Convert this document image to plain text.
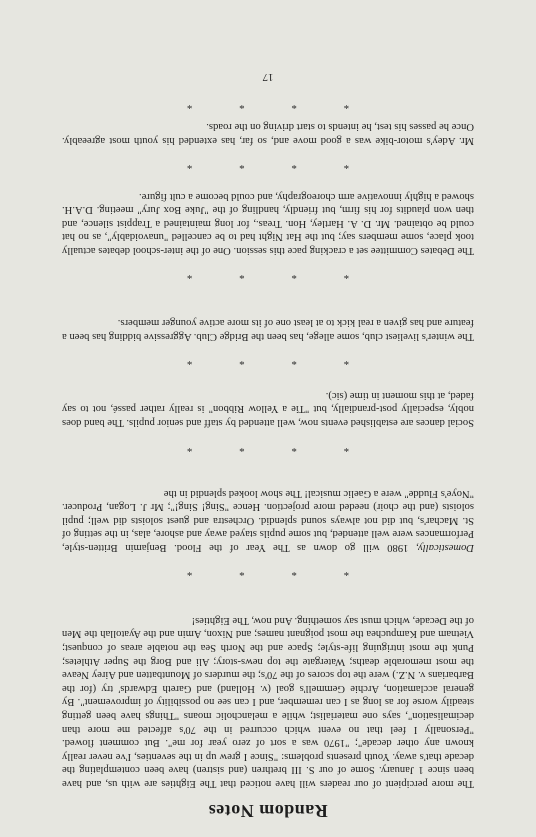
Random Notes
The more percipient of our readers will have noticed that The Eighties are with us, and have been since 1 January. Some of our S. III brethren (and sistren) have been contemplating the decade that's away. Youth presents problems: "Since I grew up in the seventies, I've never really known any other decade"; "1970 was a sort of zero year for me". But comment flowed. "Personally I feel that no event which occurred in the 70's affected me more than decimalisation", says one materialist; while a melancholic moans "Things have been getting steadily worse for as long as I can remember, and I can see no possibility of improvement". By general acclamation, Archie Gemmell's goal (v. Holland) and Gareth Edwards' try (for the Barbarians v. N.Z.) were the top scores of the 70's; the murders of Mountbatten and Airey Neave the most memorable deaths; Watergate the top news-story; Ali and Borg the Super Athletes; Punk the most intriguing life-style; Space and the North Sea the notable areas of conquest; Vietnam and Kampuchea the most poignant names; and Nixon, Amin and the Ayatollah the Men of the Decade, which must say something. And now, The Eighties!
* * * *
Domestically, 1980 will go down as The Year of the Flood. Benjamin Britten-style, Performances were well attended, but some pupils stayed away and ashore, alas, in the setting of St. Machar's, but did not always sound splendid. Orchestra and guest soloists did well; pupil soloists (and the choir) needed more projection. Hence "Sing! Sing!"; Mr J. Logan, Producer. "Noye's Fludde" were a Gaelic musical! The show looked splendid in the
* * * *
Social dances are established events now, well attended by staff and senior pupils. The band does nobly, especially post-prandially, but "Tie a Yellow Ribbon" is really rather passé, not to say faded, at this moment in time (sic).
* * * *
The winter's liveliest club, some allege, has been the Bridge Club. Aggressive bidding has been a feature and has given a real kick to at least one of its more active younger members.
* * * *
The Debates Committee set a cracking pace this session. One of the inter-school debates actually took place, some members say; but the Hat Night had to be cancelled "unavoidably", as no hat could be obtained. Mr. D. A. Hartley, Hon. Treas., for long maintained a Trappist silence, and then won plaudits for his firm, but friendly, handling of the "Juke Box Jury" meeting. D.A.H. showed a highly innovative arm choreography, and could become a cult figure.
* * * *
Mr. Adey's motor-bike was a good move and, so far, has extended his youth most agreeably. Once he passes his test, he intends to start driving on the roads.
* * * *
17
